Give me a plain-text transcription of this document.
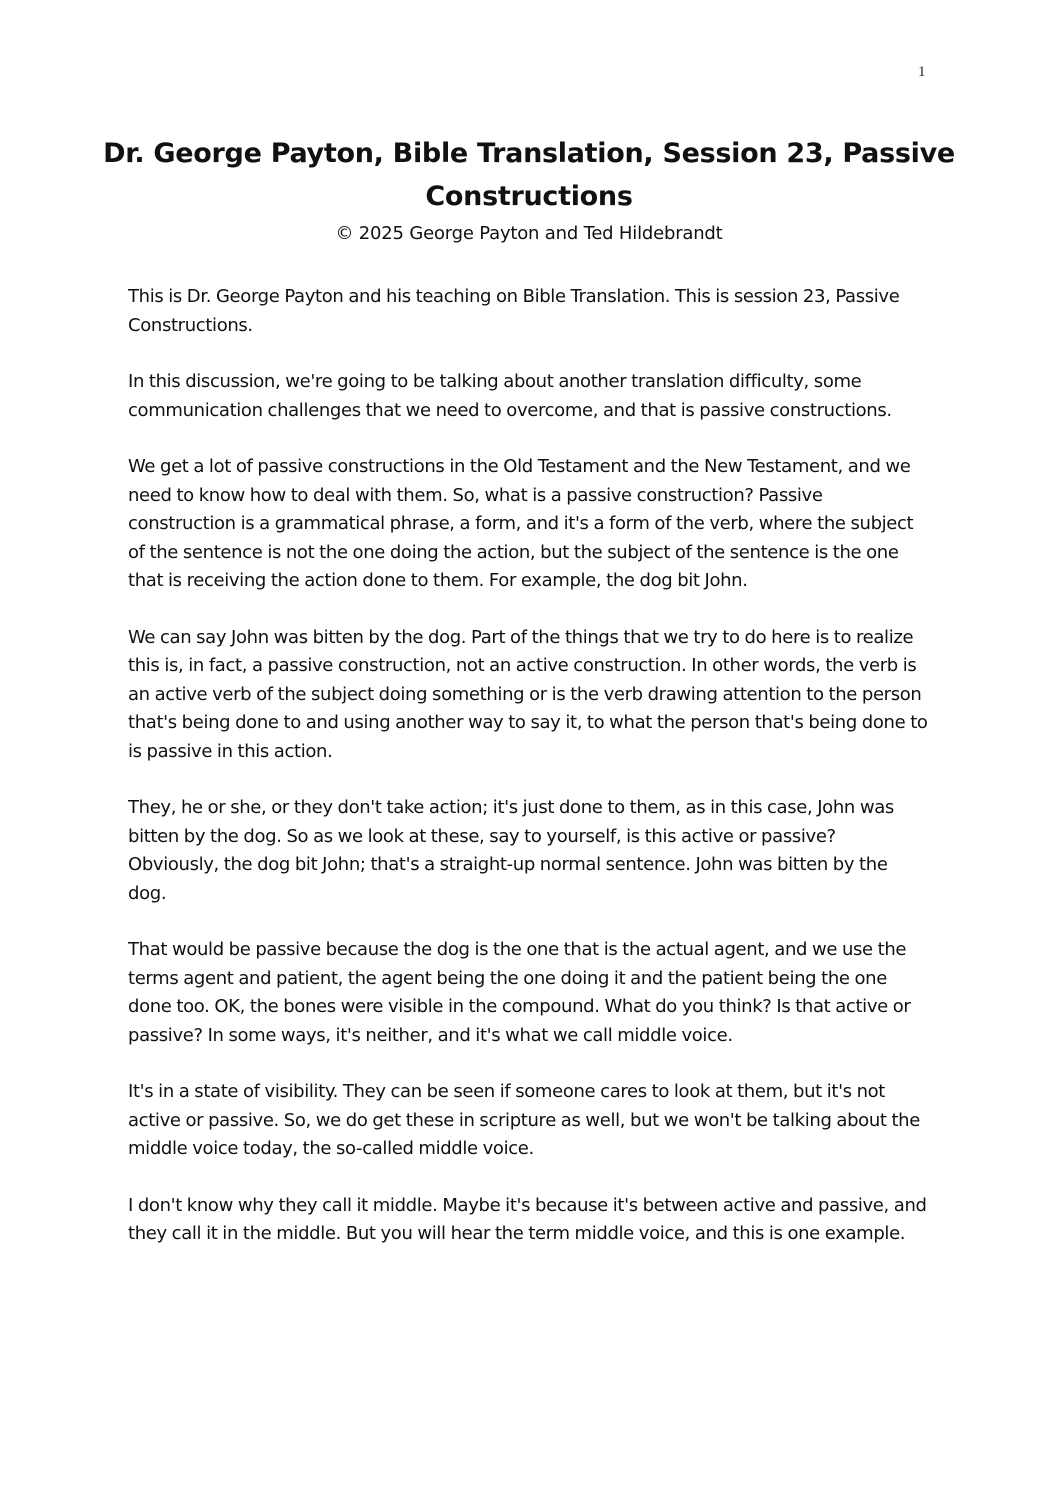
1
Dr. George Payton, Bible Translation, Session 23, Passive Constructions
© 2025 George Payton and Ted Hildebrandt

This is Dr. George Payton and his teaching on Bible Translation. This is session 23, Passive Constructions.

In this discussion, we're going to be talking about another translation difficulty, some communication challenges that we need to overcome, and that is passive constructions.

We get a lot of passive constructions in the Old Testament and the New Testament, and we need to know how to deal with them. So, what is a passive construction? Passive construction is a grammatical phrase, a form, and it's a form of the verb, where the subject of the sentence is not the one doing the action, but the subject of the sentence is the one that is receiving the action done to them. For example, the dog bit John.

We can say John was bitten by the dog. Part of the things that we try to do here is to realize this is, in fact, a passive construction, not an active construction. In other words, the verb is an active verb of the subject doing something or is the verb drawing attention to the person that's being done to and using another way to say it, to what the person that's being done to is passive in this action.

They, he or she, or they don't take action; it's just done to them, as in this case, John was bitten by the dog. So as we look at these, say to yourself, is this active or passive? Obviously, the dog bit John; that's a straight-up normal sentence. John was bitten by the dog.

That would be passive because the dog is the one that is the actual agent, and we use the terms agent and patient, the agent being the one doing it and the patient being the one done too. OK, the bones were visible in the compound. What do you think? Is that active or passive? In some ways, it's neither, and it's what we call middle voice.

It's in a state of visibility. They can be seen if someone cares to look at them, but it's not active or passive. So, we do get these in scripture as well, but we won't be talking about the middle voice today, the so-called middle voice.

I don't know why they call it middle. Maybe it's because it's between active and passive, and they call it in the middle. But you will hear the term middle voice, and this is one example.
